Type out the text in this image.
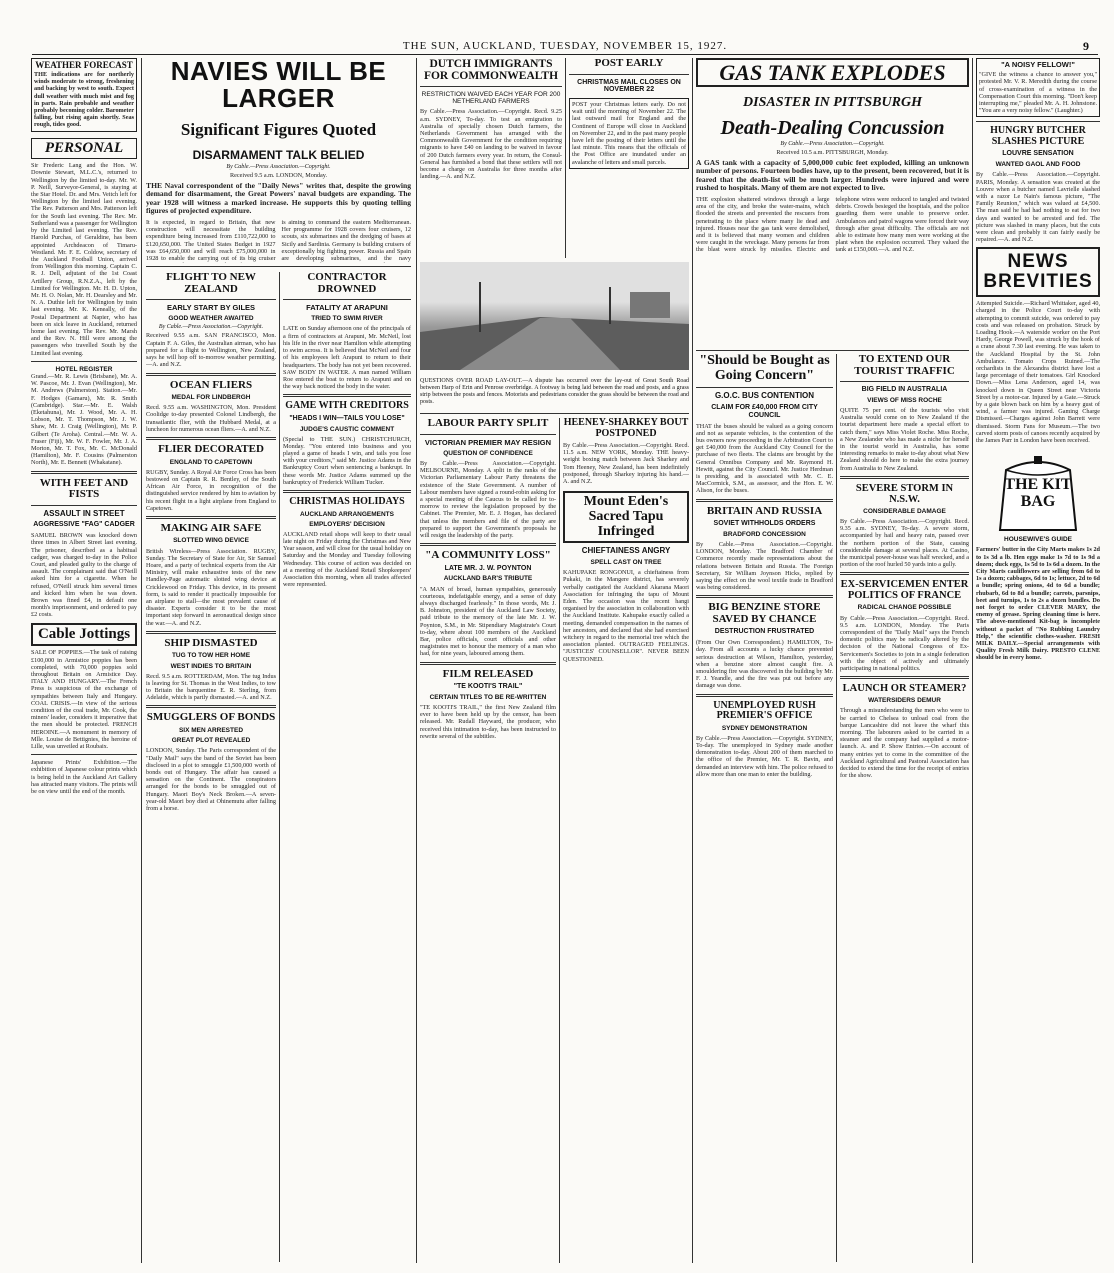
THE SUN, AUCKLAND, TUESDAY, NOVEMBER 15, 1927.	9

WEATHER FORECAST

THE indications are for northerly winds moderate to strong, freshening and backing by west to south. Expect dull weather with much mist and fog in parts. Rain probable and weather probably becoming colder. Barometer falling, but rising again shortly. Seas rough, tides good.

PERSONAL

Sir Frederic Lang and the Hon. W. Downie Stewart, M.L.C.'s, returned to Wellington by the limited to-day. Mr. W. P. Neill, Surveyor-General, is staying at the Star Hotel. Dr. and Mrs. Veitch left for Wellington by the limited last evening. The Rev. Patterson and Mrs. Patterson left for the South last evening. The Rev. Mr. Sutherland was a passenger for Wellington by the Limited last evening. The Rev. Harold Purchas, of Geraldine, has been appointed Archdeacon of Timaru-Westland. Mr. F. E. Coldow, secretary of the Auckland Football Union, arrived from Wellington this morning. Captain C. R. J. Dell, adjutant of the 1st Coast Artillery Group, R.N.Z.A., left by the Limited for Wellington. Mr. H. D. Upton, Mr. H. O. Nolan, Mr. H. Dearsley and Mr. N. A. Duthie left for Wellington by train last evening. Mr. K. Keneally, of the Postal Department at Napier, who has been on sick leave in Auckland, returned home last evening. The Rev. Mr. Marsh and the Rev. N. Hill were among the passengers who travelled South by the Limited last evening.

HOTEL REGISTER

Grand.—Mr. R. Lewis (Brisbane), Mr. A. W. Pascoe, Mr. J. Evan (Wellington), Mr. M. Andrews (Palmerston). Station.—Mr. F. Hodges (Gamaru), Mr. R. Smith (Cambridge). Star.—Mr. E. Walsh (Eketahuna), Mr. J. Wood, Mr. A. H. Lobson, Mr. T. Thompson, Mr. J. W. Shaw, Mr. J. Craig (Wellington), Mr. P. Gilbert (Te Aroha). Central.—Mr. W. A. Fraser (Fiji), Mr. W. F. Fowler, Mr. J. A. Morton, Mr. T. Fox, Mr. C. McDonald (Hamilton), Mr. F. Cousins (Palmerston North), Mr. E. Bennett (Whakatane).

WITH FEET AND FISTS

ASSAULT IN STREET

AGGRESSIVE "FAG" CADGER

SAMUEL BROWN was knocked down three times in Albert Street last evening. The prisoner, described as a habitual cadger, was charged to-day in the Police Court, and pleaded guilty to the charge of assault. The complainant said that O'Neill asked him for a cigarette. When he refused, O'Neill struck him several times and kicked him when he was down. Brown was fined £4, in default one month's imprisonment, and ordered to pay £2 costs.

Cable Jottings

SALE OF POPPIES.—The task of raising £100,000 in Armistice poppies has been completed, with 70,000 poppies sold throughout Britain on Armistice Day. ITALY AND HUNGARY.—The French Press is suspicious of the exchange of sympathies between Italy and Hungary. COAL CRISIS.—In view of the serious condition of the coal trade, Mr. Cook, the miners' leader, considers it imperative that the men should be protected. FRENCH HEROINE.—A monument in memory of Mlle. Louise de Bettignies, the heroine of Lille, was unveiled at Roubaix.

Japanese Prints' Exhibition.—The exhibition of Japanese colour prints which is being held in the Auckland Art Gallery has attracted many visitors. The prints will be on view until the end of the month.

NAVIES WILL BE LARGER

Significant Figures Quoted

DISARMAMENT TALK BELIED

By Cable.—Press Association.—Copyright.

Received 9.5 a.m. LONDON, Monday.

THE Naval correspondent of the "Daily News" writes that, despite the growing demand for disarmament, the Great Powers' naval budgets are expanding. The year 1928 will witness a marked increase. He supports this by quoting telling figures of projected expenditure.

It is expected, in regard to Britain, that new construction will necessitate the building expenditure being increased from £110,722,000 to £120,650,000. The United States Budget in 1927 was £64,650,000 and will reach £75,000,000 in 1928 to enable the carrying out of its big cruiser is aiming to command the eastern Mediterranean. Her programme for 1928 covers four cruisers, 12 scouts, six submarines and the dredging of bases at Sicily and Sardinia. Germany is building cruisers of exceptionally big fighting power. Russia and Spain are developing submarines, and the navy

FLIGHT TO NEW ZEALAND

EARLY START BY GILES

GOOD WEATHER AWAITED

By Cable.—Press Association.—Copyright.

Received 9.55 a.m. SAN FRANCISCO, Mon. Captain F. A. Giles, the Australian airman, who has prepared for a flight to Wellington, New Zealand, says he will hop off to-morrow weather permitting.—A. and N.Z.

OCEAN FLIERS

MEDAL FOR LINDBERGH

Recd. 9.55 a.m. WASHINGTON, Mon. President Coolidge to-day presented Colonel Lindbergh, the transatlantic flier, with the Hubbard Medal, at a luncheon for numerous ocean fliers.—A. and N.Z.

FLIER DECORATED

ENGLAND TO CAPETOWN

RUGBY, Sunday. A Royal Air Force Cross has been bestowed on Captain R. R. Bentley, of the South African Air Force, in recognition of the distinguished service rendered by him to aviation by his recent flight in a light airplane from England to Capetown.

MAKING AIR SAFE

SLOTTED WING DEVICE

British Wireless—Press Association. RUGBY, Sunday. The Secretary of State for Air, Sir Samuel Hoare, and a party of technical experts from the Air Ministry, will make exhaustive tests of the new Handley-Page automatic slotted wing device at Cricklewood on Friday. This device, in its present form, is said to render it practically impossible for an airplane to stall—the most prevalent cause of disaster. Experts consider it to be the most important step forward in aeronautical design since the war.—A. and N.Z.

SHIP DISMASTED

TUG TO TOW HER HOME

WEST INDIES TO BRITAIN

Recd. 9.5 a.m. ROTTERDAM, Mon. The tug Indus is leaving for St. Thomas in the West Indies, to tow to Britain the barquentine E. R. Sterling, from Adelaide, which is partly dismasted.—A. and N.Z.

SMUGGLERS OF BONDS

SIX MEN ARRESTED

GREAT PLOT REVEALED

LONDON, Sunday. The Paris correspondent of the "Daily Mail" says the band of the Soviet has been disclosed in a plot to smuggle £1,500,000 worth of bonds out of Hungary. The affair has caused a sensation on the Continent. The conspirators arranged for the bonds to be smuggled out of Hungary. Maori Boy's Neck Broken.—A seven-year-old Maori boy died at Ohinemutu after falling from a horse.

CONTRACTOR DROWNED

FATALITY AT ARAPUNI

TRIED TO SWIM RIVER

LATE on Sunday afternoon one of the principals of a firm of contractors at Arapuni, Mr. McNeil, lost his life in the river near Hamilton while attempting to swim across. It is believed that McNeil and four of his employees left Arapuni to return to their headquarters. The body has not yet been recovered. SAW BODY IN WATER. A man named William Roe entered the boat to return to Arapuni and on the way back noticed the body in the water.

GAME WITH CREDITORS

"HEADS I WIN—TAILS YOU LOSE"

JUDGE'S CAUSTIC COMMENT

(Special to THE SUN.) CHRISTCHURCH, Monday. "You entered into business and you played a game of heads I win, and tails you lose with your creditors," said Mr. Justice Adams in the Bankruptcy Court when sentencing a bankrupt. In these words Mr. Justice Adams summed up the bankruptcy of Frederick William Tucker.

CHRISTMAS HOLIDAYS

AUCKLAND ARRANGEMENTS

EMPLOYERS' DECISION

AUCKLAND retail shops will keep to their usual late night on Friday during the Christmas and New Year season, and will close for the usual holiday on Saturday and the Monday and Tuesday following Wednesday. This course of action was decided on at a meeting of the Auckland Retail Shopkeepers' Association this morning, when all trades affected were represented.

DUTCH IMMIGRANTS FOR COMMONWEALTH

RESTRICTION WAIVED EACH YEAR FOR 200 NETHERLAND FARMERS

By Cable.—Press Association.—Copyright. Recd. 9.25 a.m. SYDNEY, To-day. To test an emigration to Australia of specially chosen Dutch farmers, the Netherlands Government has arranged with the Commonwealth Government for the condition requiring migrants to have £40 on landing to be waived in favour of 200 Dutch farmers every year. In return, the Consul-General has furnished a bond that these settlers will not become a charge on Australia for three months after landing.—A. and N.Z.

POST EARLY

CHRISTMAS MAIL CLOSES ON NOVEMBER 22

POST your Christmas letters early. Do not wait until the morning of November 22. The last outward mail for England and the Continent of Europe will close in Auckland on November 22, and in the past many people have left the posting of their letters until the last minute. This means that the officials of the Post Office are inundated under an avalanche of letters and small parcels.

QUESTIONS OVER ROAD LAY-OUT.—A dispute has occurred over the lay-out of Great South Road between Harp of Erin and Penrose overbridge. A footway is being laid between the road and posts, and a grass strip between the posts and fences. Motorists and pedestrians consider the grass should be between the road and posts.

LABOUR PARTY SPLIT

VICTORIAN PREMIER MAY RESIGN

QUESTION OF CONFIDENCE

By Cable.—Press Association.—Copyright. MELBOURNE, Monday. A split in the ranks of the Victorian Parliamentary Labour Party threatens the existence of the State Government. A number of Labour members have signed a round-robin asking for a special meeting of the Caucus to be called for to-morrow to review the legislation proposed by the Cabinet. The Premier, Mr. E. J. Hogan, has declared that unless the members and file of the party are prepared to support the Government's proposals he will resign the leadership of the party.

"A COMMUNITY LOSS"

LATE MR. J. W. POYNTON

AUCKLAND BAR'S TRIBUTE

"A MAN of broad, human sympathies, generously courteous, indefatigable energy, and a sense of duty always discharged fearlessly." In those words, Mr. J. B. Johnston, president of the Auckland Law Society, paid tribute to the memory of the late Mr. J. W. Poynton, S.M., in Mr. Stipendiary Magistrate's Court to-day, where about 100 members of the Auckland Bar, police officials, court officials and other magistrates met to honour the memory of a man who had, for nine years, laboured among them.

FILM RELEASED

"TE KOOTI'S TRAIL"

CERTAIN TITLES TO BE RE-WRITTEN

"TE KOOTI'S TRAIL," the first New Zealand film ever to have been held up by the censor, has been released. Mr. Rudall Hayward, the producer, who received this intimation to-day, has been instructed to rewrite several of the subtitles.

HEENEY-SHARKEY BOUT POSTPONED

By Cable.—Press Association.—Copyright. Recd. 11.5 a.m. NEW YORK, Monday. THE heavy-weight boxing match between Jack Sharkey and Tom Heeney, New Zealand, has been indefinitely postponed, through Sharkey injuring his hand.—A. and N.Z.

Mount Eden's Sacred Tapu Infringed

CHIEFTAINESS ANGRY

SPELL CAST ON TREE

KAHUPAKE RONGONUI, a chieftainess from Pukaki, in the Mangere district, has severely verbally castigated the Auckland Akarana Maori Association for infringing the tapu of Mount Eden. The occasion was the recent hangi organised by the association in collaboration with the Auckland Institute. Kahupake exactly called a meeting, demanded compensation in the names of her ancestors, and declared that she had exercised witchery in regard to the memorial tree which the association planted. OUTRAGED FEELINGS. "JUSTICES' COUNSELLOR". NEVER BEEN QUESTIONED.

GAS TANK EXPLODES

DISASTER IN PITTSBURGH

Death-Dealing Concussion

By Cable.—Press Association.—Copyright.

Received 10.5 a.m. PITTSBURGH, Monday.

A GAS tank with a capacity of 5,000,000 cubic feet exploded, killing an unknown number of persons. Fourteen bodies have, up to the present, been recovered, but it is feared that the death-list will be much larger. Hundreds were injured and were rushed to hospitals. Many of them are not expected to live.

THE explosion shattered windows through a large area of the city, and broke the water-mains, which flooded the streets and prevented the rescuers from penetrating to the place where many lie dead and injured. Houses near the gas tank were demolished, and it is believed that many women and children were caught in the wreckage. Many persons far from the blast were struck by missiles. Electric and telephone wires were reduced to tangled and twisted debris. Crowds besieged the hospitals, and the police guarding them were unable to preserve order. Ambulances and patrol wagons were forced their way through after great difficulty. The officials are not able to estimate how many men were working at the plant when the explosion occurred. They valued the tank at £150,000.—A. and N.Z.

"Should be Bought as Going Concern"

G.O.C. BUS CONTENTION

CLAIM FOR £40,000 FROM CITY COUNCIL

THAT the buses should be valued as a going concern and not as separate vehicles, is the contention of the bus owners now proceeding in the Arbitration Court to get £40,000 from the Auckland City Council for the purchase of two fleets. The claims are brought by the General Omnibus Company and Mr. Raymond H. Hewitt, against the City Council. Mr. Justice Herdman is presiding, and is associated with Mr. C. E. MacCormick, S.M., as assessor, and the Hon. E. W. Alison, for the buses.

BRITAIN AND RUSSIA

SOVIET WITHHOLDS ORDERS

BRADFORD CONCESSION

By Cable.—Press Association.—Copyright. LONDON, Monday. The Bradford Chamber of Commerce recently made representations about the relations between Britain and Russia. The Foreign Secretary, Sir William Joynson Hicks, replied by saying the effect on the wool textile trade in Bradford was being considered.

BIG BENZINE STORE SAVED BY CHANCE

DESTRUCTION FRUSTRATED

(From Our Own Correspondent.) HAMILTON, To-day. From all accounts a lucky chance prevented serious destruction at Wilson, Hamilton, yesterday, when a benzine store almost caught fire. A smouldering fire was discovered in the building by Mr. F. J. Yeandle, and the fire was put out before any damage was done.

UNEMPLOYED RUSH PREMIER'S OFFICE

SYDNEY DEMONSTRATION

By Cable.—Press Association.—Copyright. SYDNEY, To-day. The unemployed in Sydney made another demonstration to-day. About 200 of them marched to the office of the Premier, Mr. T. R. Bavin, and demanded an interview with him. The police refused to allow more than one man to enter the building.

TO EXTEND OUR TOURIST TRAFFIC

BIG FIELD IN AUSTRALIA

VIEWS OF MISS ROCHE

QUITE 75 per cent. of the tourists who visit Australia would come on to New Zealand if the tourist department here made a special effort to catch them," says Miss Violet Roche. Miss Roche, a New Zealander who has made a niche for herself in the tourist world in Australia, has some interesting remarks to make to-day about what New Zealand should do here to make the extra journey from Australia to New Zealand.

SEVERE STORM IN N.S.W.

CONSIDERABLE DAMAGE

By Cable.—Press Association.—Copyright. Recd. 9.35 a.m. SYDNEY, To-day. A severe storm, accompanied by hail and heavy rain, passed over the northern portion of the State, causing considerable damage at several places. At Casino, the municipal power-house was half wrecked, and a portion of the roof hurled 50 yards into a gully.

EX-SERVICEMEN ENTER POLITICS OF FRANCE

RADICAL CHANGE POSSIBLE

By Cable.—Press Association.—Copyright. Recd. 9.5 a.m. LONDON, Monday. The Paris correspondent of the "Daily Mail" says the French domestic politics may be radically altered by the decision of the National Congress of Ex-Servicemen's Societies to join in a single federation with the object of actively and ultimately participating in national politics.

LAUNCH OR STEAMER?

WATERSIDERS DEMUR

Through a misunderstanding the men who were to be carried to Chelsea to unload coal from the barque Lancashire did not leave the wharf this morning. The labourers asked to be carried in a steamer and the company had supplied a motor-launch. A. and P. Show Entries.—On account of many entries yet to come in the committee of the Auckland Agricultural and Pastoral Association has decided to extend the time for the receipt of entries for the show.

"A NOISY FELLOW!"

"GIVE the witness a chance to answer you," protested Mr. V. R. Meredith during the course of cross-examination of a witness in the Compensation Court this morning. "Don't keep interrupting me," pleaded Mr. A. H. Johnstone. "You are a very noisy fellow." (Laughter.)

HUNGRY BUTCHER SLASHES PICTURE

LOUVRE SENSATION

WANTED GAOL AND FOOD

By Cable.—Press Association.—Copyright. PARIS, Monday. A sensation was created at the Louvre when a butcher named Lavrielle slashed with a razor Le Nain's famous picture, "The Family Reunion," which was valued at £4,500. The man said he had had nothing to eat for two days and wanted to be arrested and fed. The picture was slashed in many places, but the cuts were clean and probably it can fairly easily be repaired.—A. and N.Z.

NEWS BREVITIES

Attempted Suicide.—Richard Whittaker, aged 40, charged in the Police Court to-day with attempting to commit suicide, was ordered to pay costs and was released on probation. Struck by Loading Hook.—A waterside worker on the Port Hardy, George Powell, was struck by the hook of a crane about 7.30 last evening. He was taken to the Auckland Hospital by the St. John Ambulance. Tomato Crops Ruined.—The orchardists in the Alexandra district have lost a large percentage of their tomatoes. Girl Knocked Down.—Miss Lena Anderson, aged 14, was knocked down in Queen Street near Victoria Street by a motor-car. Injured by a Gate.—Struck by a gate blown back on him by a heavy gust of wind, a farmer was injured. Gaming Charge Dismissed.—Charges against John Barrett were dismissed. Storm Fans for Museum.—The two carved storm posts of canoes recently acquired by the James Parr in London have been received.

THE KIT BAG

HOUSEWIVE'S GUIDE

Farmers' butter in the City Marts makes 1s 2d to 1s 3d a lb. Hen eggs make 1s 7d to 1s 9d a dozen; duck eggs, 1s 5d to 1s 6d a dozen. In the City Marts cauliflowers are selling from 6d to 1s a dozen; cabbages, 6d to 1s; lettuce, 2d to 6d a bundle; spring onions, 4d to 6d a bundle; rhubarb, 6d to 8d a bundle; carrots, parsnips, beet and turnips, 1s to 2s a dozen bundles. Do not forget to order CLEVER MARY, the enemy of grease. Spring cleaning time is here. The above-mentioned Kit-bag is incomplete without a packet of "No Rubbing Laundry Help," the scientific clothes-washer. FRESH MILK DAILY.—Special arrangements with Quality Fresh Milk Dairy. PRESTO CLENE should be in every home.
